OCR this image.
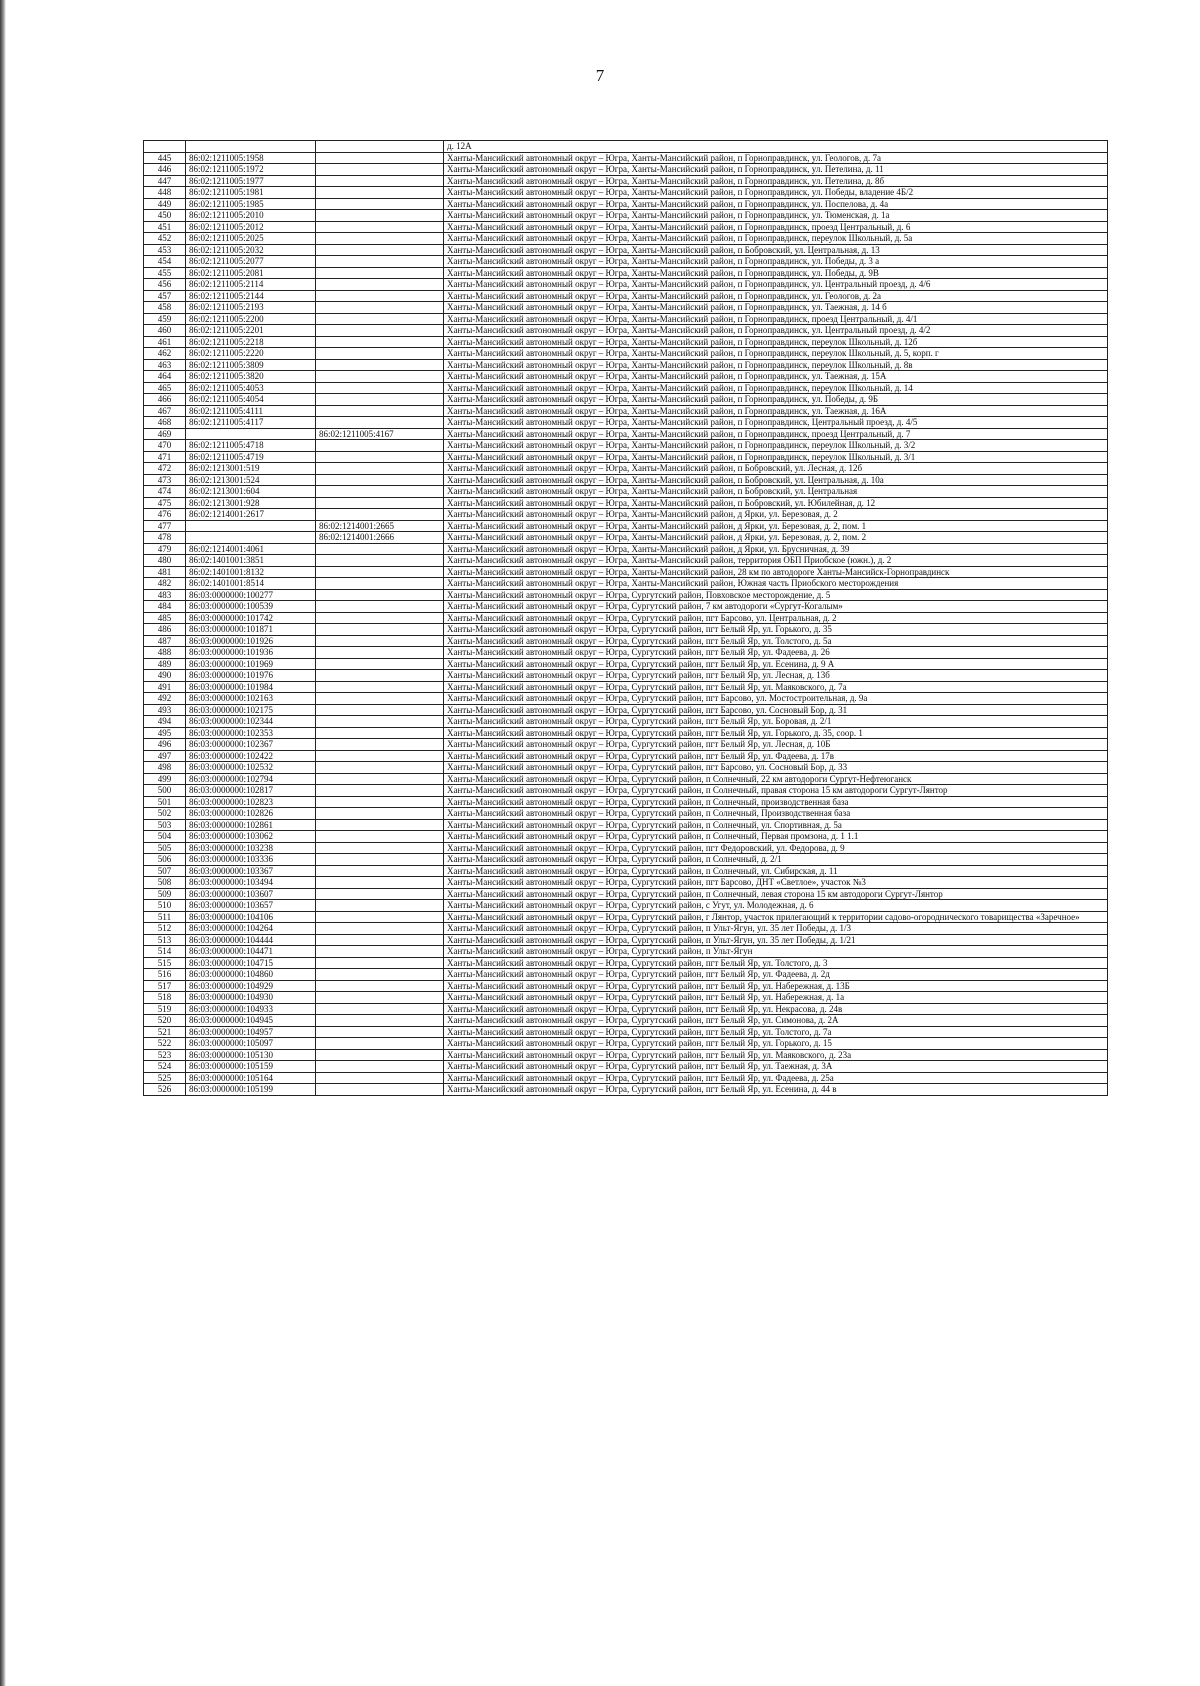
7
			д. 12А
445	86:02:1211005:1958		Ханты-Мансийский автономный округ – Югра, Ханты-Мансийский район, п Горноправдинск, ул. Геологов, д. 7а
446	86:02:1211005:1972		Ханты-Мансийский автономный округ – Югра, Ханты-Мансийский район, п Горноправдинск, ул. Петелина, д. 11
447	86:02:1211005:1977		Ханты-Мансийский автономный округ – Югра, Ханты-Мансийский район, п Горноправдинск, ул. Петелина, д. 8б
448	86:02:1211005:1981		Ханты-Мансийский автономный округ – Югра, Ханты-Мансийский район, п Горноправдинск, ул. Победы, владение 4Б/2
449	86:02:1211005:1985		Ханты-Мансийский автономный округ – Югра, Ханты-Мансийский район, п Горноправдинск, ул. Поспелова, д. 4а
450	86:02:1211005:2010		Ханты-Мансийский автономный округ – Югра, Ханты-Мансийский район, п Горноправдинск, ул. Тюменская, д. 1а
451	86:02:1211005:2012		Ханты-Мансийский автономный округ – Югра, Ханты-Мансийский район, п Горноправдинск, проезд Центральный, д. 6
452	86:02:1211005:2025		Ханты-Мансийский автономный округ – Югра, Ханты-Мансийский район, п Горноправдинск, переулок Школьный, д. 5а
453	86:02:1211005:2032		Ханты-Мансийский автономный округ – Югра, Ханты-Мансийский район, п Бобровский, ул. Центральная, д. 13
454	86:02:1211005:2077		Ханты-Мансийский автономный округ – Югра, Ханты-Мансийский район, п Горноправдинск, ул. Победы, д. 3 а
455	86:02:1211005:2081		Ханты-Мансийский автономный округ – Югра, Ханты-Мансийский район, п Горноправдинск, ул. Победы, д. 9В
456	86:02:1211005:2114		Ханты-Мансийский автономный округ – Югра, Ханты-Мансийский район, п Горноправдинск, ул. Центральный проезд, д. 4/6
457	86:02:1211005:2144		Ханты-Мансийский автономный округ – Югра, Ханты-Мансийский район, п Горноправдинск, ул. Геологов, д. 2а
458	86:02:1211005:2193		Ханты-Мансийский автономный округ – Югра, Ханты-Мансийский район, п Горноправдинск, ул. Таежная, д. 14 б
459	86:02:1211005:2200		Ханты-Мансийский автономный округ – Югра, Ханты-Мансийский район, п Горноправдинск, проезд Центральный, д. 4/1
460	86:02:1211005:2201		Ханты-Мансийский автономный округ – Югра, Ханты-Мансийский район, п Горноправдинск, ул. Центральный проезд, д. 4/2
461	86:02:1211005:2218		Ханты-Мансийский автономный округ – Югра, Ханты-Мансийский район, п Горноправдинск, переулок Школьный, д. 12б
462	86:02:1211005:2220		Ханты-Мансийский автономный округ – Югра, Ханты-Мансийский район, п Горноправдинск, переулок Школьный, д. 5, корп. г
463	86:02:1211005:3809		Ханты-Мансийский автономный округ – Югра, Ханты-Мансийский район, п Горноправдинск, переулок Школьный, д. 8в
464	86:02:1211005:3820		Ханты-Мансийский автономный округ – Югра, Ханты-Мансийский район, п Горноправдинск, ул. Таежная, д. 15А
465	86:02:1211005:4053		Ханты-Мансийский автономный округ – Югра, Ханты-Мансийский район, п Горноправдинск, переулок Школьный, д. 14
466	86:02:1211005:4054		Ханты-Мансийский автономный округ – Югра, Ханты-Мансийский район, п Горноправдинск, ул. Победы, д. 9Б
467	86:02:1211005:4111		Ханты-Мансийский автономный округ – Югра, Ханты-Мансийский район, п Горноправдинск, ул. Таежная, д. 16А
468	86:02:1211005:4117		Ханты-Мансийский автономный округ – Югра, Ханты-Мансийский район, п Горноправдинск, Центральный проезд, д. 4/5
469		86:02:1211005:4167	Ханты-Мансийский автономный округ – Югра, Ханты-Мансийский район, п Горноправдинск, проезд Центральный, д. 7
470	86:02:1211005:4718		Ханты-Мансийский автономный округ – Югра, Ханты-Мансийский район, п Горноправдинск, переулок Школьный, д. 3/2
471	86:02:1211005:4719		Ханты-Мансийский автономный округ – Югра, Ханты-Мансийский район, п Горноправдинск, переулок Школьный, д. 3/1
472	86:02:1213001:519		Ханты-Мансийский автономный округ – Югра, Ханты-Мансийский район, п Бобровский, ул. Лесная, д. 12б
473	86:02:1213001:524		Ханты-Мансийский автономный округ – Югра, Ханты-Мансийский район, п Бобровский, ул. Центральная, д. 10а
474	86:02:1213001:604		Ханты-Мансийский автономный округ – Югра, Ханты-Мансийский район, п Бобровский, ул. Центральная
475	86:02:1213001:928		Ханты-Мансийский автономный округ – Югра, Ханты-Мансийский район, п Бобровский, ул. Юбилейная, д. 12
476	86:02:1214001:2617		Ханты-Мансийский автономный округ – Югра, Ханты-Мансийский район, д Ярки, ул. Березовая, д. 2
477		86:02:1214001:2665	Ханты-Мансийский автономный округ – Югра, Ханты-Мансийский район, д Ярки, ул. Березовая, д. 2, пом. 1
478		86:02:1214001:2666	Ханты-Мансийский автономный округ – Югра, Ханты-Мансийский район, д Ярки, ул. Березовая, д. 2, пом. 2
479	86:02:1214001:4061		Ханты-Мансийский автономный округ – Югра, Ханты-Мансийский район, д Ярки, ул. Брусничная, д. 39
480	86:02:1401001:3851		Ханты-Мансийский автономный округ – Югра, Ханты-Мансийский район, территория ОБП Приобское (южн.), д. 2
481	86:02:1401001:8132		Ханты-Мансийский автономный округ – Югра, Ханты-Мансийский район, 28 км по автодороге Ханты-Мансийск-Горноправдинск
482	86:02:1401001:8514		Ханты-Мансийский автономный округ – Югра, Ханты-Мансийский район, Южная часть Приобского месторождения
483	86:03:0000000:100277		Ханты-Мансийский автономный округ – Югра, Сургутский район, Повховское месторождение, д. 5
484	86:03:0000000:100539		Ханты-Мансийский автономный округ – Югра, Сургутский район, 7 км автодороги «Сургут-Когалым»
485	86:03:0000000:101742		Ханты-Мансийский автономный округ – Югра, Сургутский район, пгт Барсово, ул. Центральная, д. 2
486	86:03:0000000:101871		Ханты-Мансийский автономный округ – Югра, Сургутский район, пгт Белый Яр, ул. Горького, д. 35
487	86:03:0000000:101926		Ханты-Мансийский автономный округ – Югра, Сургутский район, пгт Белый Яр, ул. Толстого, д. 5а
488	86:03:0000000:101936		Ханты-Мансийский автономный округ – Югра, Сургутский район, пгт Белый Яр, ул. Фадеева, д. 26
489	86:03:0000000:101969		Ханты-Мансийский автономный округ – Югра, Сургутский район, пгт Белый Яр, ул. Есенина, д. 9 А
490	86:03:0000000:101976		Ханты-Мансийский автономный округ – Югра, Сургутский район, пгт Белый Яр, ул. Лесная, д. 13б
491	86:03:0000000:101984		Ханты-Мансийский автономный округ – Югра, Сургутский район, пгт Белый Яр, ул. Маяковского, д. 7а
492	86:03:0000000:102163		Ханты-Мансийский автономный округ – Югра, Сургутский район, пгт Барсово, ул. Мостостроительная, д. 9а
493	86:03:0000000:102175		Ханты-Мансийский автономный округ – Югра, Сургутский район, пгт Барсово, ул. Сосновый Бор, д. 31
494	86:03:0000000:102344		Ханты-Мансийский автономный округ – Югра, Сургутский район, пгт Белый Яр, ул. Боровая, д. 2/1
495	86:03:0000000:102353		Ханты-Мансийский автономный округ – Югра, Сургутский район, пгт Белый Яр, ул. Горького, д. 35, соор. 1
496	86:03:0000000:102367		Ханты-Мансийский автономный округ – Югра, Сургутский район, пгт Белый Яр, ул. Лесная, д. 10Б
497	86:03:0000000:102422		Ханты-Мансийский автономный округ – Югра, Сургутский район, пгт Белый Яр, ул. Фадеева, д. 17в
498	86:03:0000000:102532		Ханты-Мансийский автономный округ – Югра, Сургутский район, пгт Барсово, ул. Сосновый Бор, д. 33
499	86:03:0000000:102794		Ханты-Мансийский автономный округ – Югра, Сургутский район, п Солнечный, 22 км автодороги Сургут-Нефтеюганск
500	86:03:0000000:102817		Ханты-Мансийский автономный округ – Югра, Сургутский район, п Солнечный, правая сторона 15 км автодороги Сургут-Лянтор
501	86:03:0000000:102823		Ханты-Мансийский автономный округ – Югра, Сургутский район, п Солнечный, производственная база
502	86:03:0000000:102826		Ханты-Мансийский автономный округ – Югра, Сургутский район, п Солнечный, Производственная база
503	86:03:0000000:102861		Ханты-Мансийский автономный округ – Югра, Сургутский район, п Солнечный, ул. Спортивная, д. 5а
504	86:03:0000000:103062		Ханты-Мансийский автономный округ – Югра, Сургутский район, п Солнечный, Первая промзона, д. 1 1.1
505	86:03:0000000:103238		Ханты-Мансийский автономный округ – Югра, Сургутский район, пгт Федоровский, ул. Федорова, д. 9
506	86:03:0000000:103336		Ханты-Мансийский автономный округ – Югра, Сургутский район, п Солнечный, д. 2/1
507	86:03:0000000:103367		Ханты-Мансийский автономный округ – Югра, Сургутский район, п Солнечный, ул. Сибирская, д. 11
508	86:03:0000000:103494		Ханты-Мансийский автономный округ – Югра, Сургутский район, пгт Барсово, ДНТ «Светлое», участок №3
509	86:03:0000000:103607		Ханты-Мансийский автономный округ – Югра, Сургутский район, п Солнечный, левая сторона 15 км автодороги Сургут-Лянтор
510	86:03:0000000:103657		Ханты-Мансийский автономный округ – Югра, Сургутский район, с Угут, ул. Молодежная, д. 6
511	86:03:0000000:104106		Ханты-Мансийский автономный округ – Югра, Сургутский район, г Лянтор, участок прилегающий к территории садово-огороднического товарищества «Заречное»
512	86:03:0000000:104264		Ханты-Мансийский автономный округ – Югра, Сургутский район, п Ульт-Ягун, ул. 35 лет Победы, д. 1/3
513	86:03:0000000:104444		Ханты-Мансийский автономный округ – Югра, Сургутский район, п Ульт-Ягун, ул. 35 лет Победы, д. 1/21
514	86:03:0000000:104471		Ханты-Мансийский автономный округ – Югра, Сургутский район, п Ульт-Ягун
515	86:03:0000000:104715		Ханты-Мансийский автономный округ – Югра, Сургутский район, пгт Белый Яр, ул. Толстого, д. 3
516	86:03:0000000:104860		Ханты-Мансийский автономный округ – Югра, Сургутский район, пгт Белый Яр, ул. Фадеева, д. 2д
517	86:03:0000000:104929		Ханты-Мансийский автономный округ – Югра, Сургутский район, пгт Белый Яр, ул. Набережная, д. 13Б
518	86:03:0000000:104930		Ханты-Мансийский автономный округ – Югра, Сургутский район, пгт Белый Яр, ул. Набережная, д. 1а
519	86:03:0000000:104933		Ханты-Мансийский автономный округ – Югра, Сургутский район, пгт Белый Яр, ул. Некрасова, д. 24в
520	86:03:0000000:104945		Ханты-Мансийский автономный округ – Югра, Сургутский район, пгт Белый Яр, ул. Симонова, д. 2А
521	86:03:0000000:104957		Ханты-Мансийский автономный округ – Югра, Сургутский район, пгт Белый Яр, ул. Толстого, д. 7а
522	86:03:0000000:105097		Ханты-Мансийский автономный округ – Югра, Сургутский район, пгт Белый Яр, ул. Горького, д. 15
523	86:03:0000000:105130		Ханты-Мансийский автономный округ – Югра, Сургутский район, пгт Белый Яр, ул. Маяковского, д. 23а
524	86:03:0000000:105159		Ханты-Мансийский автономный округ – Югра, Сургутский район, пгт Белый Яр, ул. Таежная, д. 3А
525	86:03:0000000:105164		Ханты-Мансийский автономный округ – Югра, Сургутский район, пгт Белый Яр, ул. Фадеева, д. 25а
526	86:03:0000000:105199		Ханты-Мансийский автономный округ – Югра, Сургутский район, пгт Белый Яр, ул. Есенина, д. 44 в
